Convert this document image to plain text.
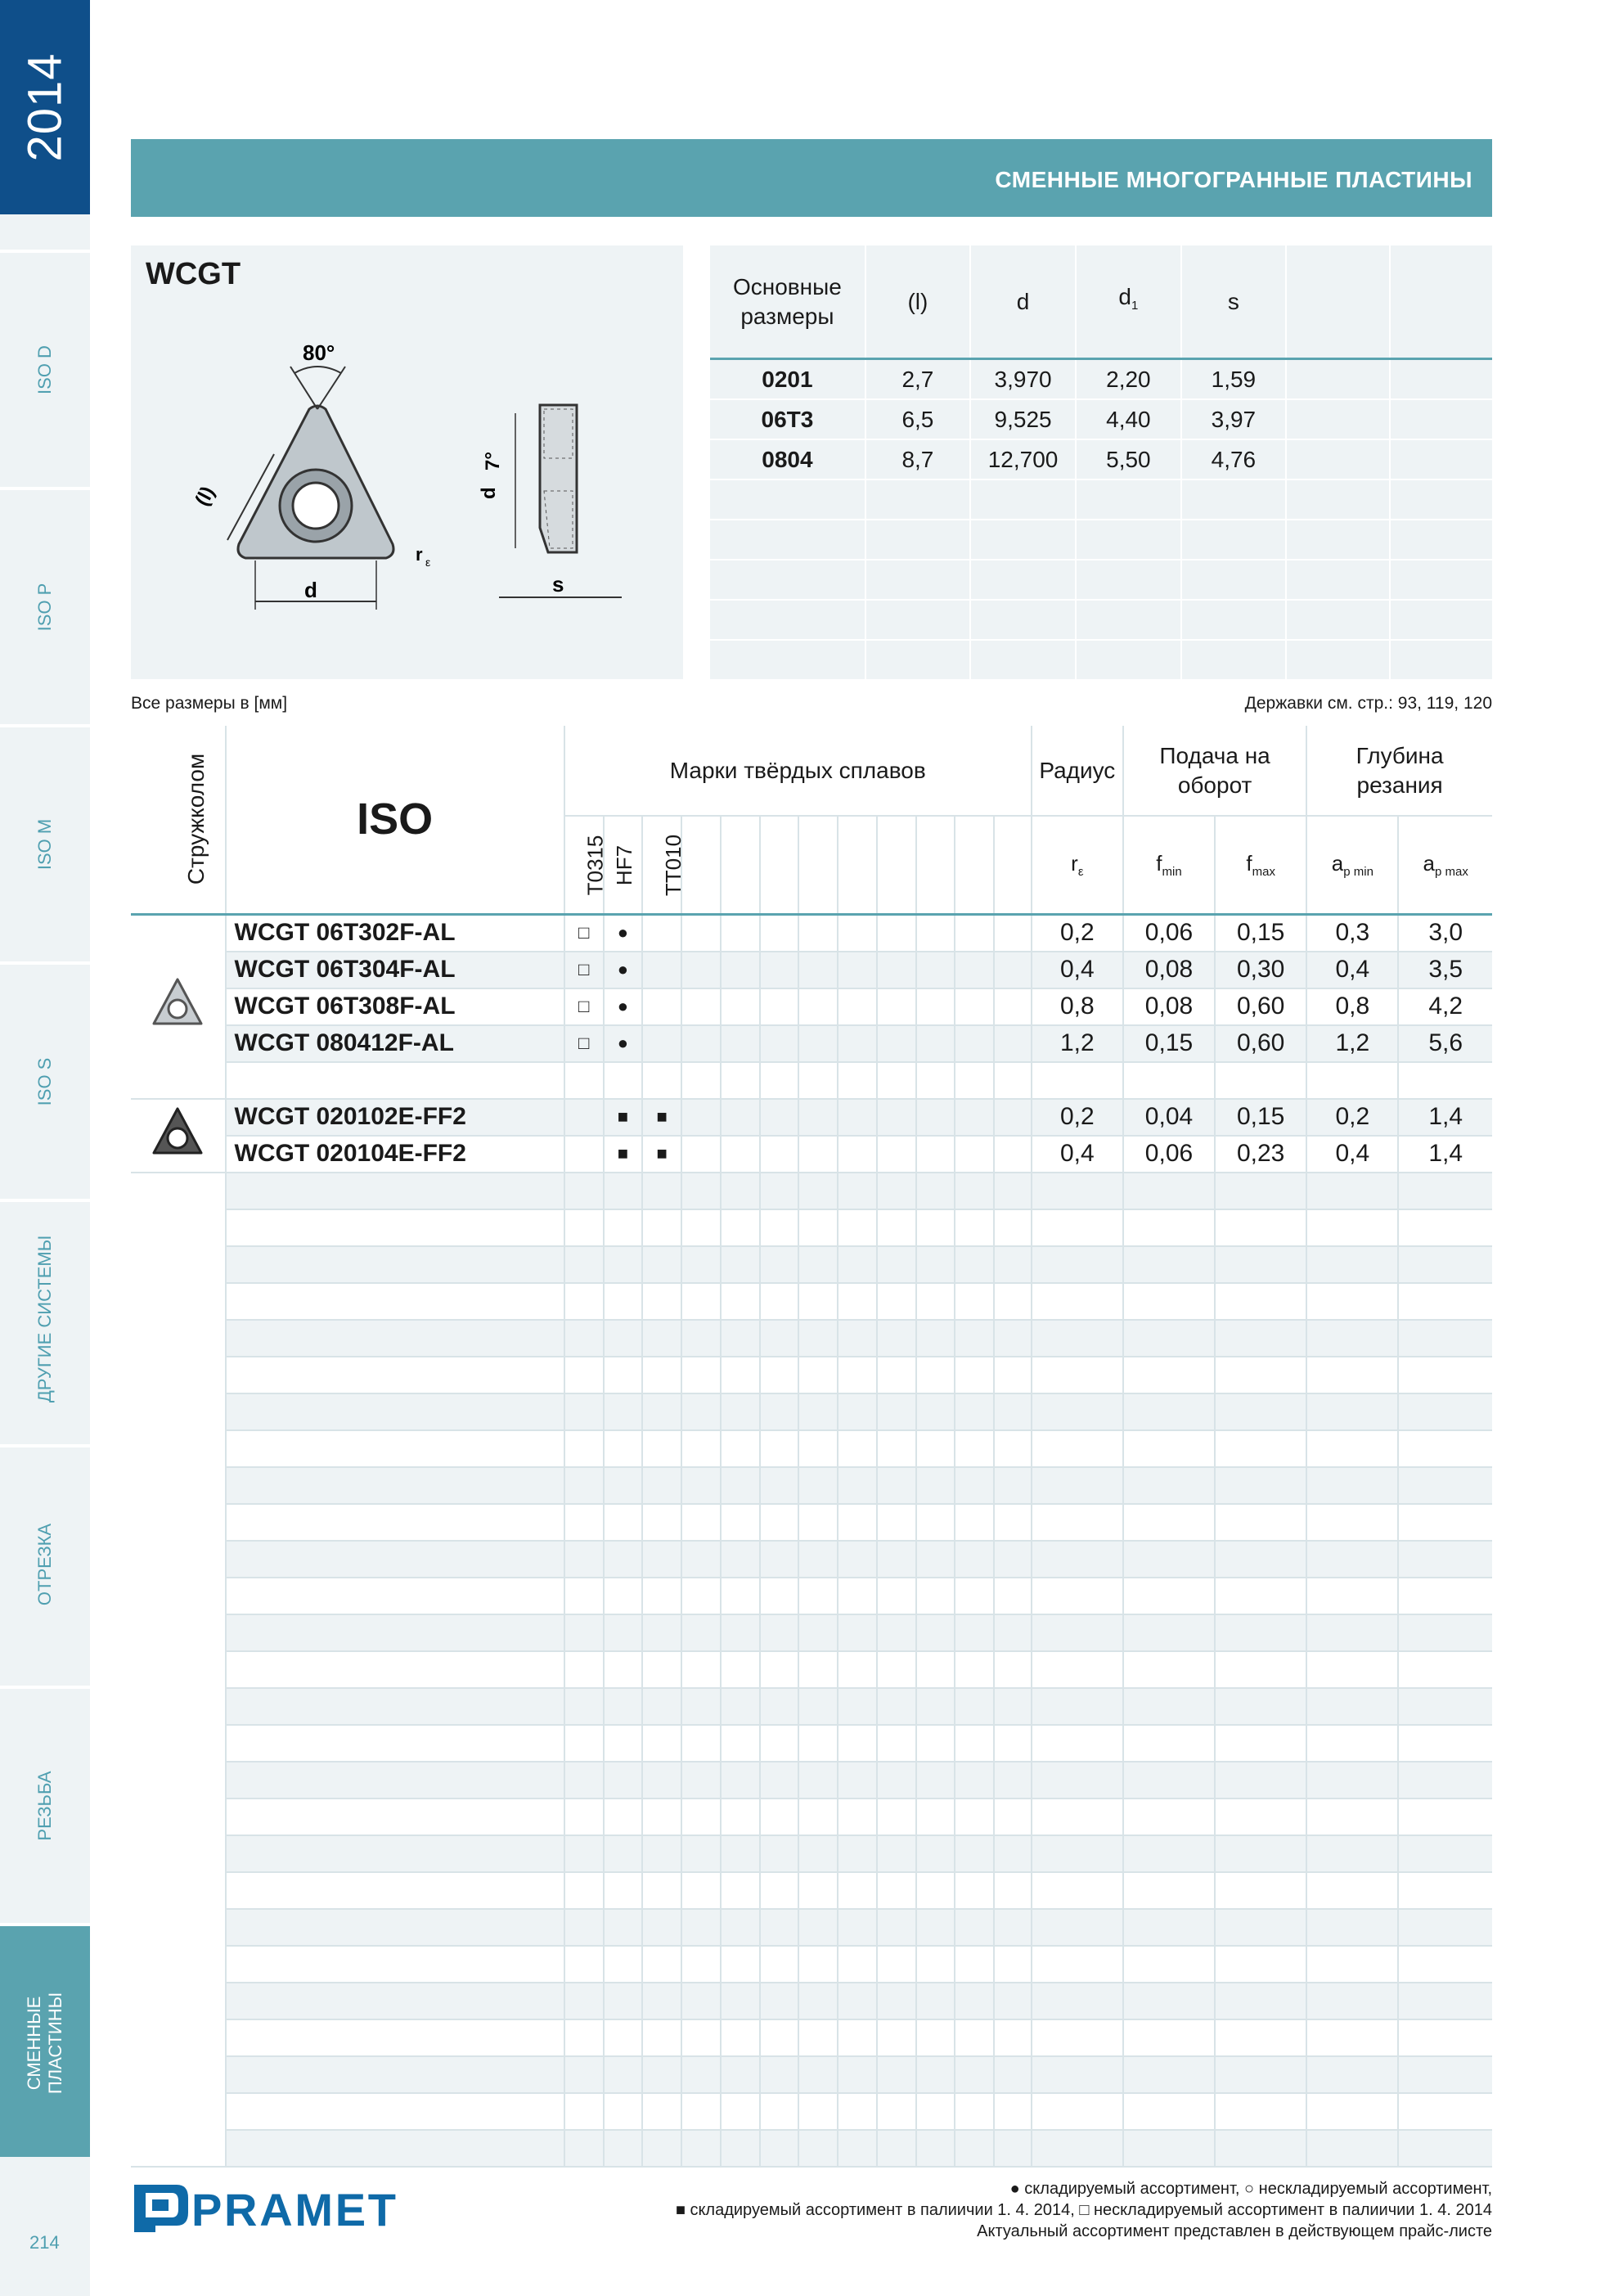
2014
ISO D
ISO P
ISO M
ISO S
ДРУГИЕ СИСТЕМЫ
ОТРЕЗКА
РЕЗЬБА
СМЕННЫЕ ПЛАСТИНЫ
214
СМЕННЫЕ МНОГОГРАННЫЕ ПЛАСТИНЫ
WCGT
80°
d
(l)
r ε
d
7°
s
Основные размеры	(l)	d	$d_1$	s		
0201	2,7	3,970	2,20	1,59		
06T3	6,5	9,525	4,40	3,97		
0804	8,7	12,700	5,50	4,76		

Все размеры в [мм]	Державки см. стр.: 93, 119, 120
Стружколом	ISO	Марки твёрдых сплавов												Радиус	Подача на оборот		Глубина резания	
		T0315	HF7	TT010										$r_\varepsilon$	$f_{min}$	$f_{max}$	$a_{p min}$	$a_{p max}$
	WCGT 06T302F-AL	□	●											0,2	0,06	0,15	0,3	3,0
	WCGT 06T304F-AL	□	●											0,4	0,08	0,30	0,4	3,5
	WCGT 06T308F-AL	□	●											0,8	0,08	0,60	0,8	4,2
	WCGT 080412F-AL	□	●											1,2	0,15	0,60	1,2	5,6

	WCGT 020102E-FF2		■	■										0,2	0,04	0,15	0,2	1,4
	WCGT 020104E-FF2		■	■										0,4	0,06	0,23	0,4	1,4

PRAMET	● складируемый ассортимент, ○ нескладируемый ассортимент,
■ складируемый ассортимент в палиичии 1. 4. 2014, □ нескладируемый ассортимент в палиичии 1. 4. 2014
Актуальный ассортимент представлен в действующем прайс-листе
